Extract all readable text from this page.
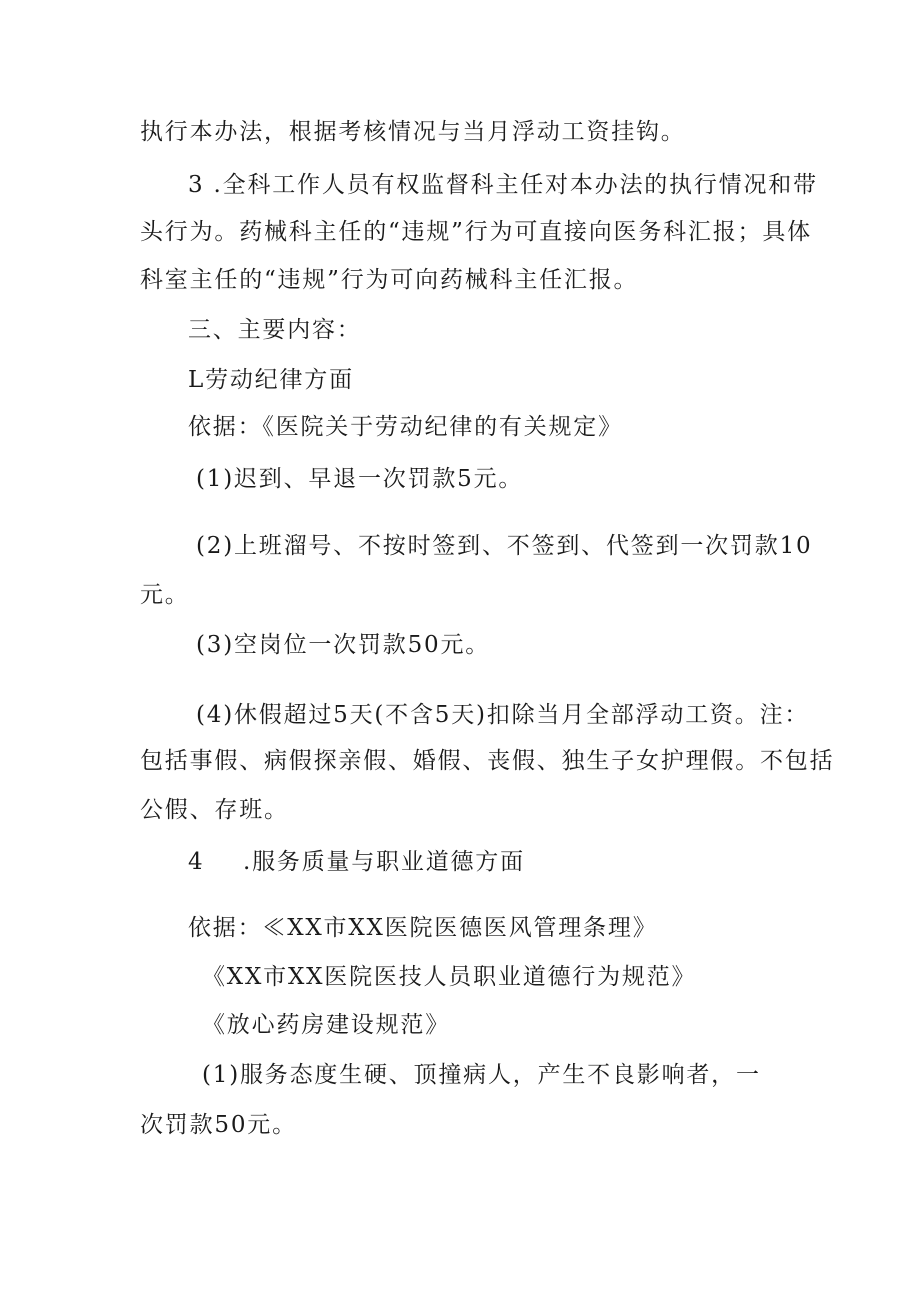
执行本办法，根据考核情况与当月浮动工资挂钩。
3 .全科工作人员有权监督科主任对本办法的执行情况和带
头行为。药械科主任的“违规”行为可直接向医务科汇报；具体
科室主任的“违规”行为可向药械科主任汇报。
三、主要内容：
L劳动纪律方面
依据：《医院关于劳动纪律的有关规定》
(1)迟到、早退一次罚款5元。
(2)上班溜号、不按时签到、不签到、代签到一次罚款10
元。
(3)空岗位一次罚款50元。
(4)休假超过5天(不含5天)扣除当月全部浮动工资。注：
包括事假、病假探亲假、婚假、丧假、独生子女护理假。不包括
公假、存班。
4 .服务质量与职业道德方面
依据：≪XX市XX医院医德医风管理条理》
《XX市XX医院医技人员职业道德行为规范》
《放心药房建设规范》
(1)服务态度生硬、顶撞病人，产生不良影响者，一
次罚款50元。
